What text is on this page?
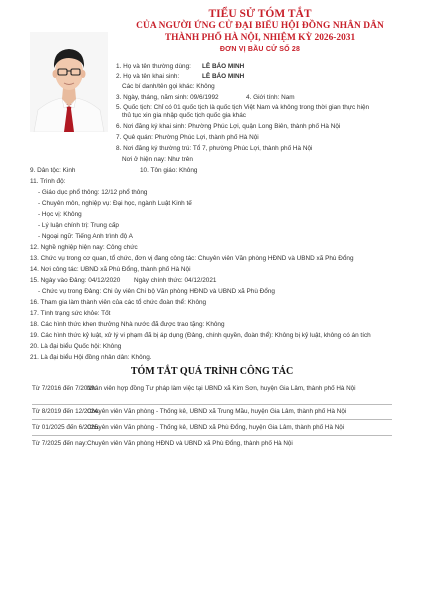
TIỂU SỬ TÓM TẮT
CỦA NGƯỜI ỨNG CỬ ĐẠI BIỂU HỘI ĐỒNG NHÂN DÂN
THÀNH PHỐ HÀ NỘI, NHIỆM KỲ 2026-2031
ĐƠN VỊ BẦU CỬ SỐ 28
1. Họ và tên thường dùng: LÊ BẢO MINH
2. Họ và tên khai sinh:	LÊ BẢO MINH
Các bí danh/tên gọi khác: Không
3. Ngày, tháng, năm sinh: 09/6/1992	4. Giới tính: Nam
5. Quốc tịch: Chỉ có 01 quốc tịch là quốc tịch Việt Nam và không trong thời gian thực hiện
thủ tục xin gia nhập quốc tịch quốc gia khác
6. Nơi đăng ký khai sinh: Phường Phúc Lợi, quận Long Biên, thành phố Hà Nội
7. Quê quán: Phường Phúc Lợi, thành phố Hà Nội
8. Nơi đăng ký thường trú: Tổ 7, phường Phúc Lợi, thành phố Hà Nội
Nơi ở hiện nay: Như trên
9. Dân tộc: Kinh	10. Tôn giáo: Không
11. Trình độ:
- Giáo dục phổ thông: 12/12 phổ thông
- Chuyên môn, nghiệp vụ: Đại học, ngành Luật Kinh tế
- Học vị: Không
- Lý luận chính trị: Trung cấp
- Ngoại ngữ: Tiếng Anh trình độ A
12. Nghề nghiệp hiện nay: Công chức
13. Chức vụ trong cơ quan, tổ chức, đơn vị đang công tác: Chuyên viên Văn phòng HĐND và UBND xã Phù Đổng
14. Nơi công tác: UBND xã Phù Đổng, thành phố Hà Nội
15. Ngày vào Đảng: 04/12/2020 Ngày chính thức: 04/12/2021
- Chức vụ trong Đảng: Chi ủy viên Chi bộ Văn phòng HĐND và UBND xã Phù Đổng
16. Tham gia làm thành viên của các tổ chức đoàn thể: Không
17. Tình trạng sức khỏe: Tốt
18. Các hình thức khen thưởng Nhà nước đã được trao tặng: Không
19. Các hình thức kỷ luật, xử lý vi phạm đã bị áp dụng (Đảng, chính quyền, đoàn thể): Không bị kỷ luật, không có án tích
20. Là đại biểu Quốc hội: Không
21. Là đại biểu Hội đồng nhân dân: Không.
TÓM TẮT QUÁ TRÌNH CÔNG TÁC
Từ 7/2016 đến 7/2019:
Nhân viên hợp đồng Tư pháp làm việc tại UBND xã Kim Sơn, huyện Gia Lâm, thành phố Hà Nội
Từ 8/2019 đến 12/2024:
Chuyên viên Văn phòng - Thống kê, UBND xã Trung Mầu, huyện Gia Lâm, thành phố Hà Nội
Từ 01/2025 đến 6/2025:
Chuyên viên Văn phòng - Thống kê, UBND xã Phù Đổng, huyện Gia Lâm, thành phố Hà Nội
Từ 7/2025 đến nay: Chuyên viên Văn phòng HĐND và UBND xã Phù Đổng, thành phố Hà Nội
